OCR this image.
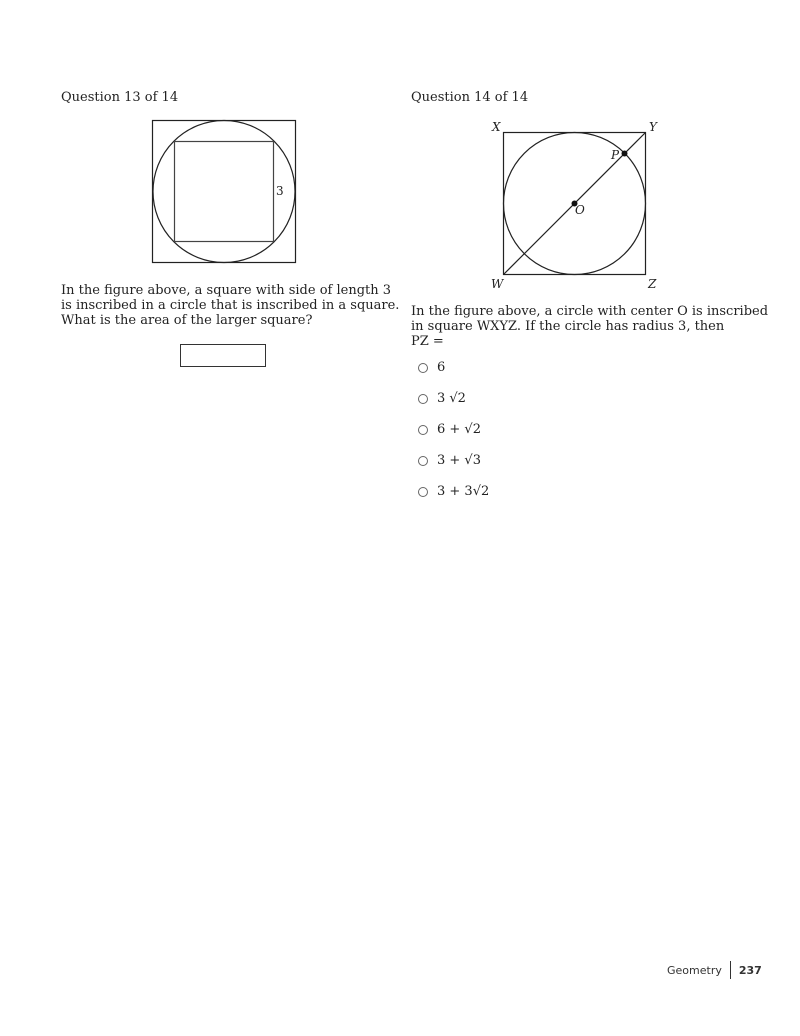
Question 13 of 14
3
In the figure above, a square with side of length 3
is inscribed in a circle that is inscribed in a square.
What is the area of the larger square?
Question 14 of 14
X	Y
W	Z
O
P
In the figure above, a circle with center O is inscribed
in square WXYZ. If the circle has radius 3, then
PZ =
6
3 √2
6 + √2
3 + √3
3 + 3√2
Geometry 237
